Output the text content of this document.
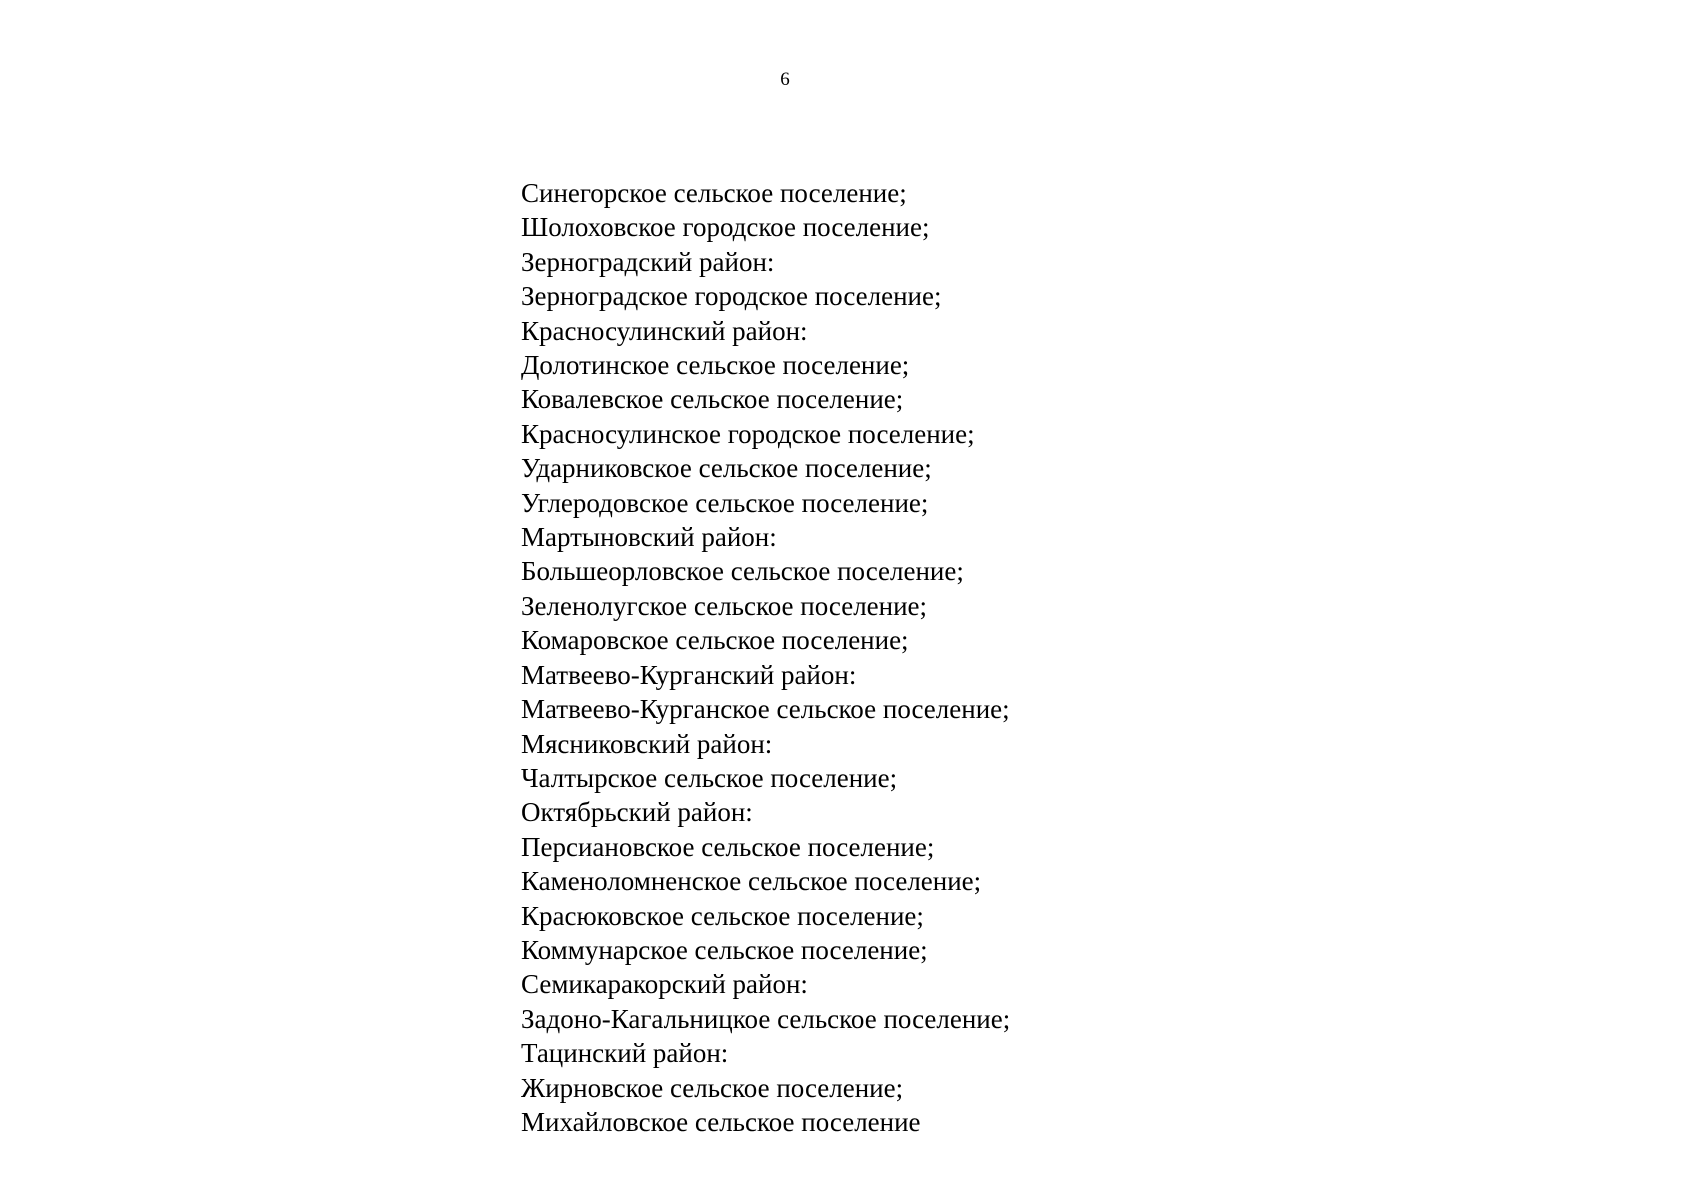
6
Синегорское сельское поселение;
Шолоховское городское поселение;
Зерноградский район:
Зерноградское городское поселение;
Красносулинский район:
Долотинское сельское поселение;
Ковалевское сельское поселение;
Красносулинское городское поселение;
Ударниковское сельское поселение;
Углеродовское сельское поселение;
Мартыновский район:
Большеорловское сельское поселение;
Зеленолугское сельское поселение;
Комаровское сельское поселение;
Матвеево-Курганский район:
Матвеево-Курганское сельское поселение;
Мясниковский район:
Чалтырское сельское поселение;
Октябрьский район:
Персиановское сельское поселение;
Каменоломненское сельское поселение;
Красюковское сельское поселение;
Коммунарское сельское поселение;
Семикаракорский район:
Задоно-Кагальницкое сельское поселение;
Тацинский район:
Жирновское сельское поселение;
Михайловское сельское поселение
